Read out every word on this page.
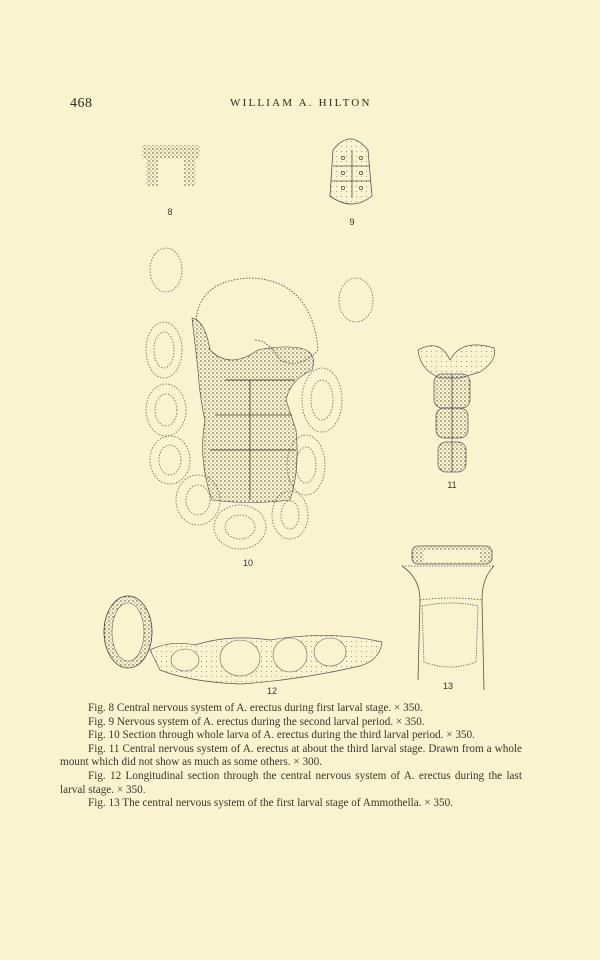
468	WILLIAM A. HILTON
8
9
10
11
12	13

Fig. 8 Central nervous system of A. erectus during first larval stage. × 350.

Fig. 9 Nervous system of A. erectus during the second larval period. × 350.

Fig. 10 Section through whole larva of A. erectus during the third larval period. × 350.

Fig. 11 Central nervous system of A. erectus at about the third larval stage. Drawn from a whole mount which did not show as much as some others. × 300.

Fig. 12 Longitudinal section through the central nervous system of A. erectus during the last larval stage. × 350.

Fig. 13 The central nervous system of the first larval stage of Ammothella. × 350.
